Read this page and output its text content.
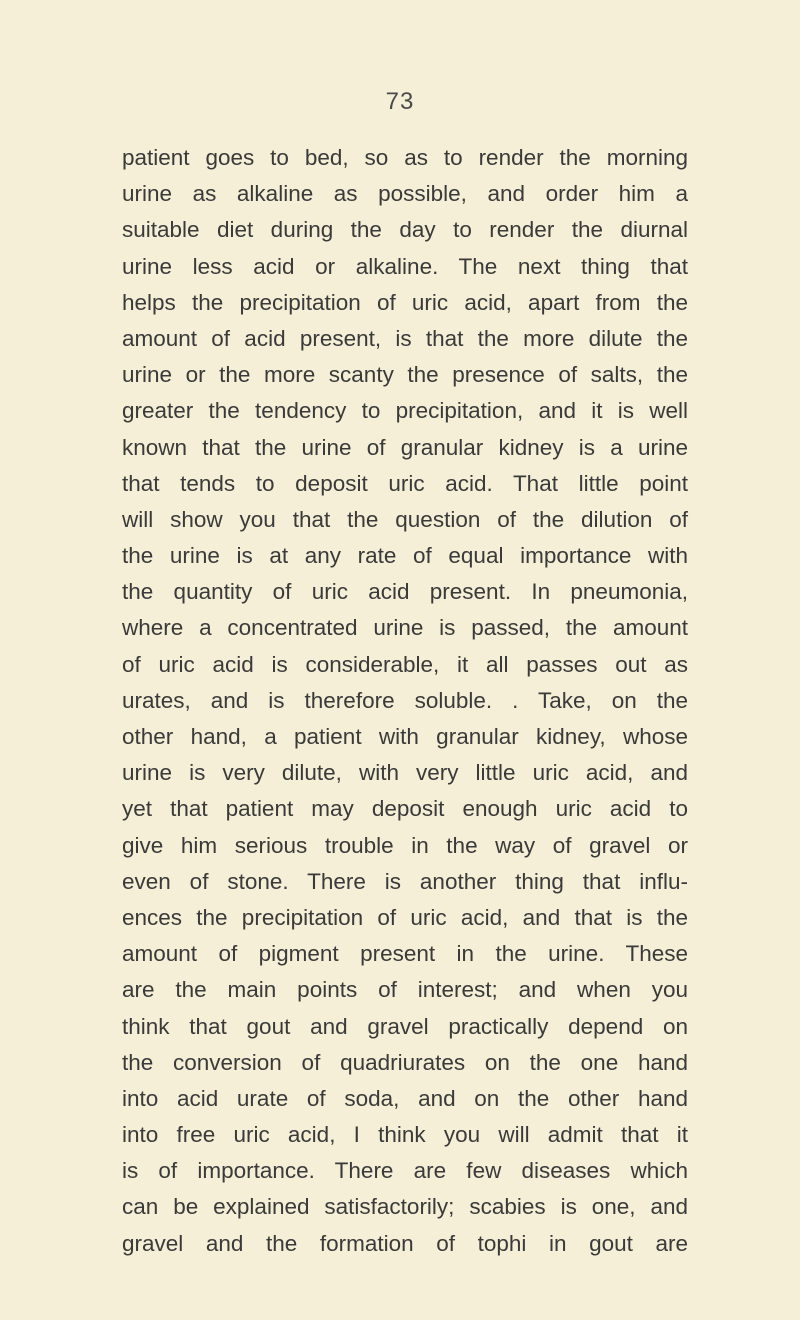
73
patient goes to bed, so as to render the morning
urine as alkaline as possible, and order him a
suitable diet during the day to render the diurnal
urine less acid or alkaline. The next thing that
helps the precipitation of uric acid, apart from the
amount of acid present, is that the more dilute the
urine or the more scanty the presence of salts, the
greater the tendency to precipitation, and it is well
known that the urine of granular kidney is a urine
that tends to deposit uric acid. That little point
will show you that the question of the dilution of
the urine is at any rate of equal importance with
the quantity of uric acid present. In pneumonia,
where a concentrated urine is passed, the amount
of uric acid is considerable, it all passes out as
urates, and is therefore soluble. . Take, on the
other hand, a patient with granular kidney, whose
urine is very dilute, with very little uric acid, and
yet that patient may deposit enough uric acid to
give him serious trouble in the way of gravel or
even of stone. There is another thing that influ-
ences the precipitation of uric acid, and that is the
amount of pigment present in the urine. These
are the main points of interest; and when you
think that gout and gravel practically depend on
the conversion of quadriurates on the one hand
into acid urate of soda, and on the other hand
into free uric acid, I think you will admit that it
is of importance. There are few diseases which
can be explained satisfactorily; scabies is one, and
gravel and the formation of tophi in gout are
